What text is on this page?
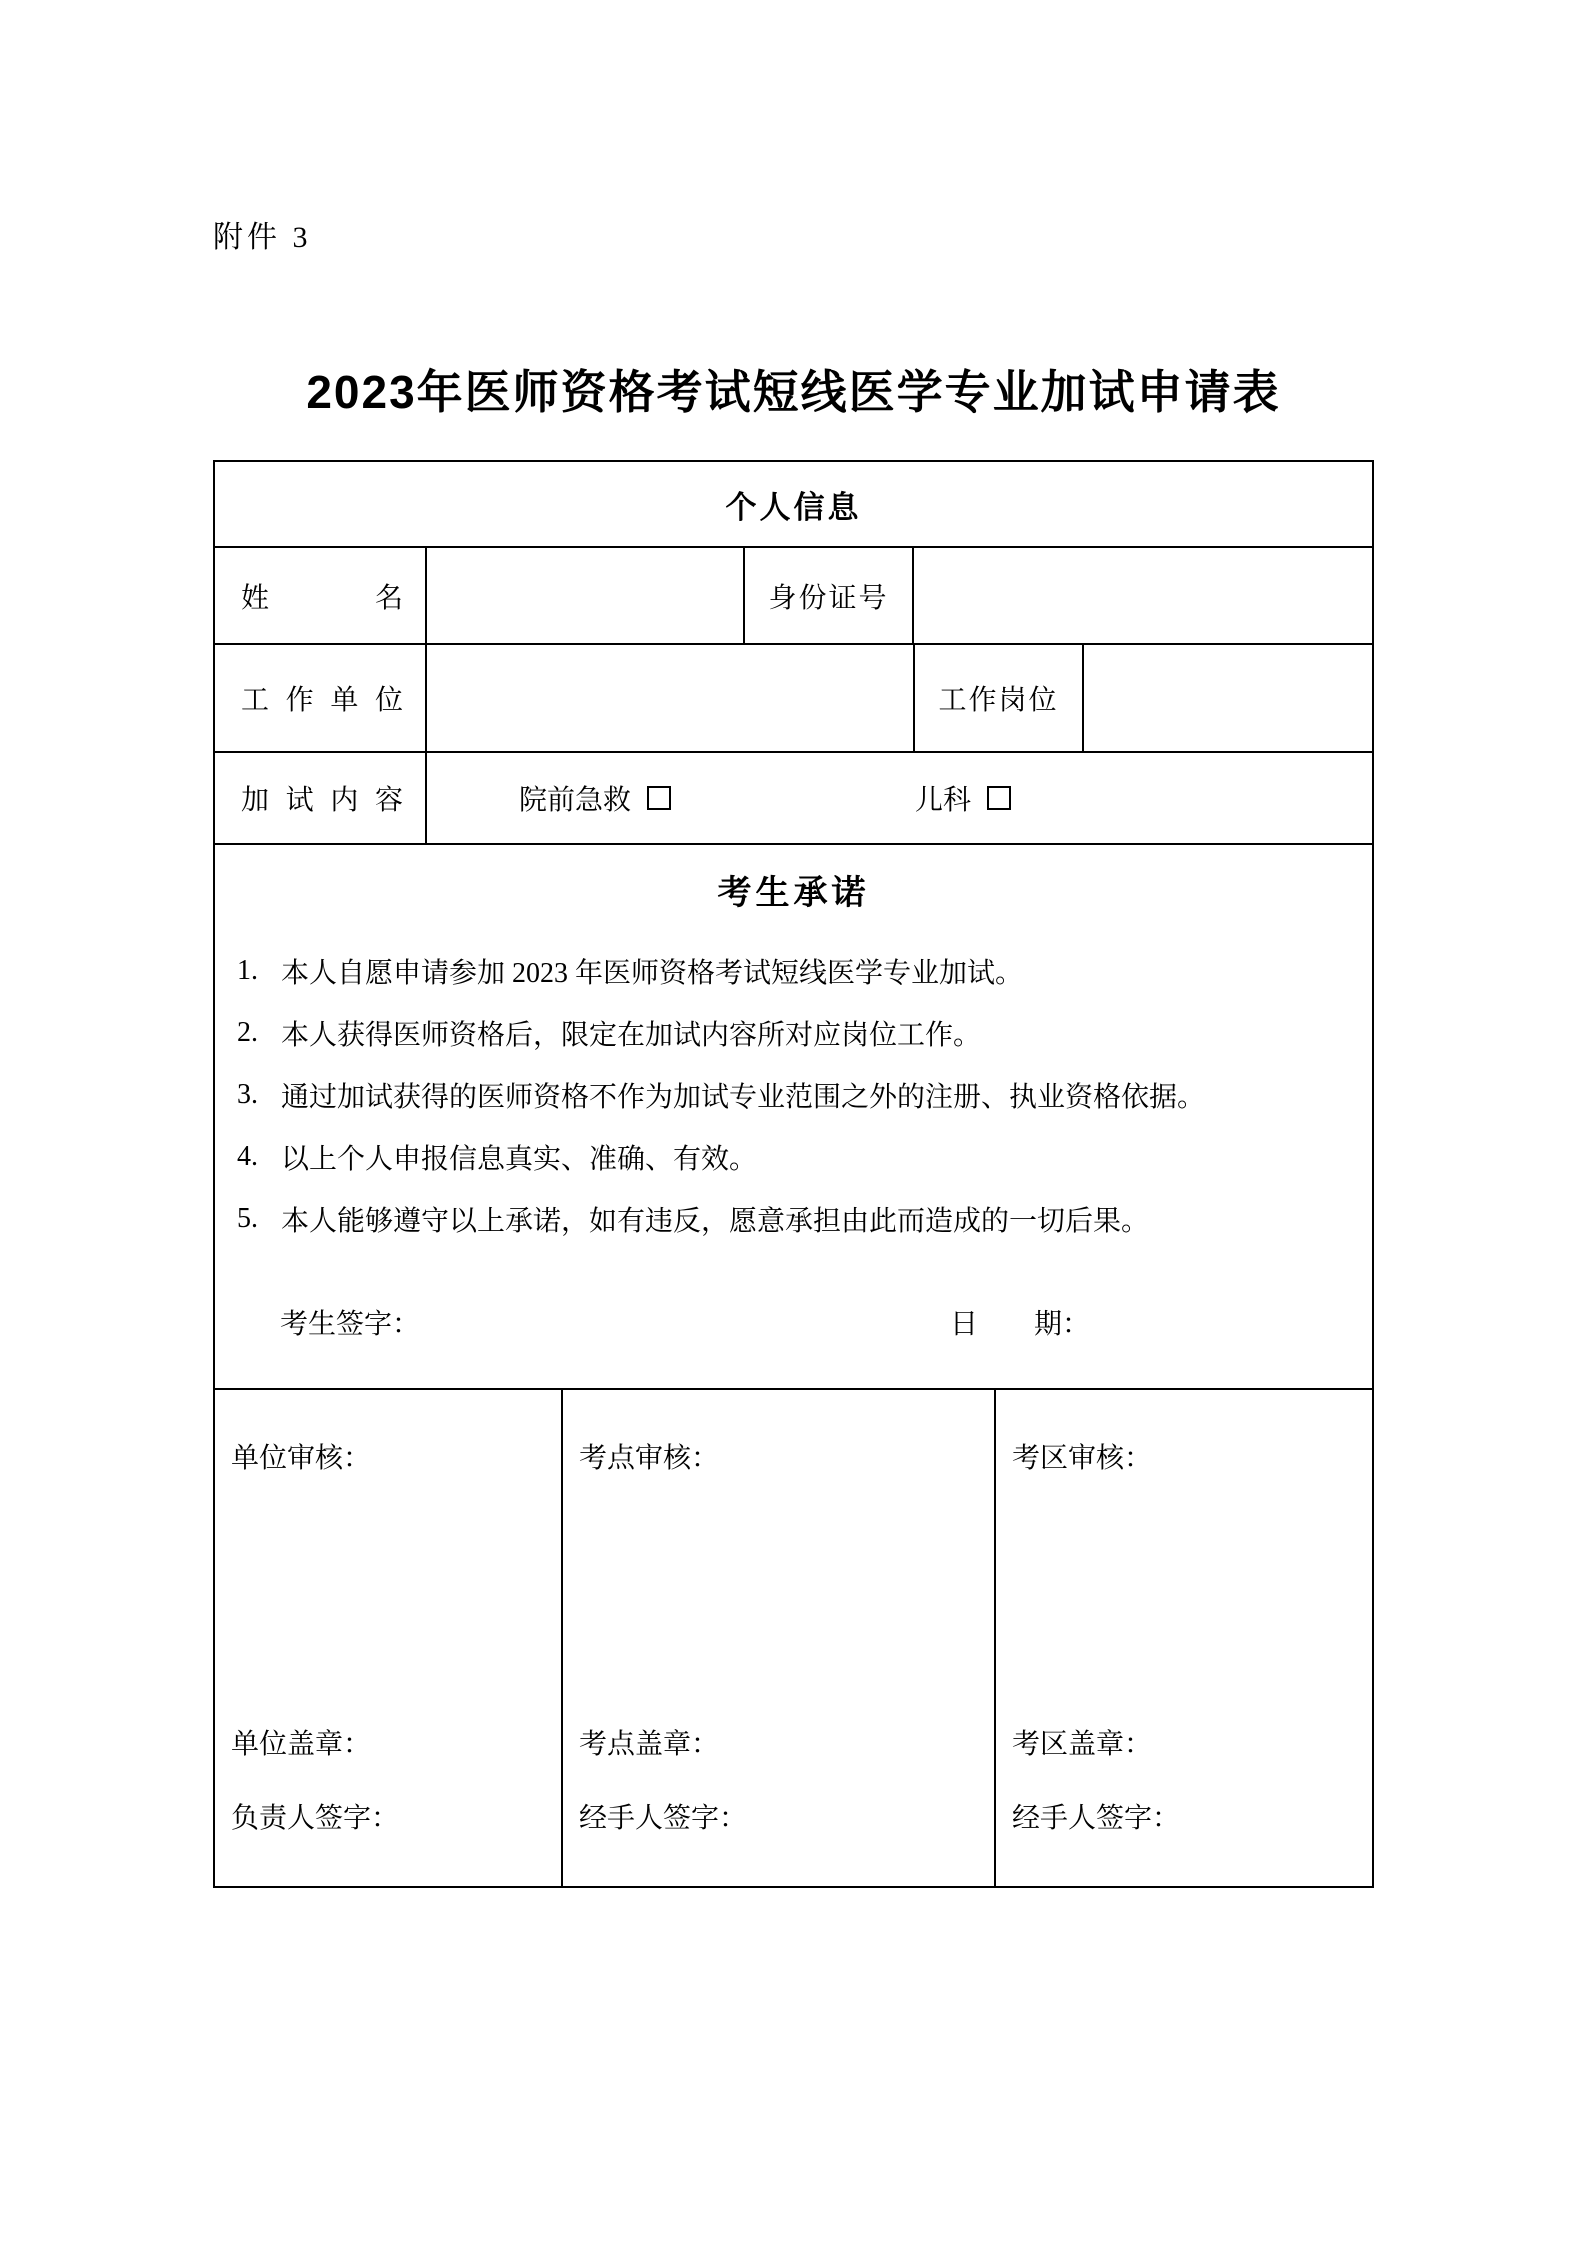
附件 3
2023年医师资格考试短线医学专业加试申请表
个人信息
姓名	身份证号
工作单位	工作岗位
加试内容	院前急救	儿科
考生承诺
1. 本人自愿申请参加 2023 年医师资格考试短线医学专业加试。
2. 本人获得医师资格后，限定在加试内容所对应岗位工作。
3. 通过加试获得的医师资格不作为加试专业范围之外的注册、执业资格依据。
4. 以上个人申报信息真实、准确、有效。
5. 本人能够遵守以上承诺，如有违反，愿意承担由此而造成的一切后果。
考生签字：	日　　期：
单位审核：
单位盖章：
负责人签字：
考点审核：
考点盖章：
经手人签字：
考区审核：
考区盖章：
经手人签字：
